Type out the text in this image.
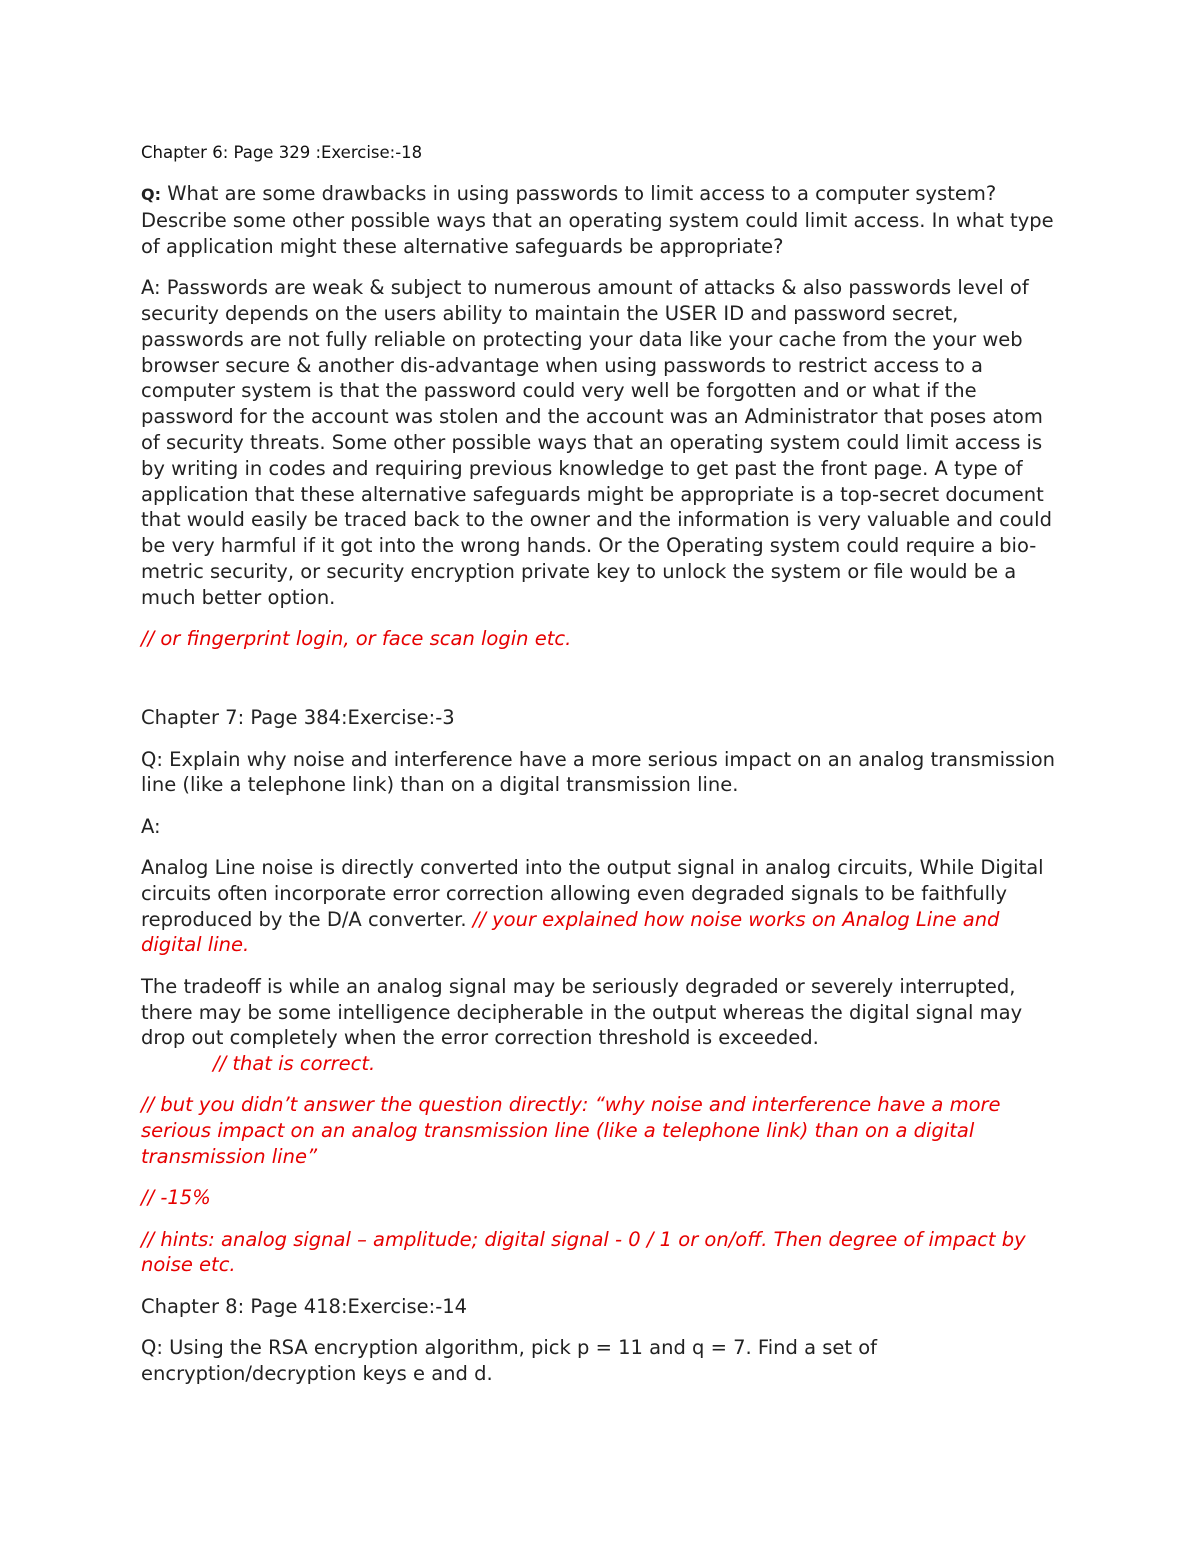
Chapter 6: Page 329 :Exercise:-18

Q: What are some drawbacks in using passwords to limit access to a computer system? Describe some other possible ways that an operating system could limit access. In what type of application might these alternative safeguards be appropriate?

A: Passwords are weak & subject to numerous amount of attacks & also passwords level of security depends on the users ability to maintain the USER ID and password secret, passwords are not fully reliable on protecting your data like your cache from the your web browser secure & another dis-advantage when using passwords to restrict access to a computer system is that the password could very well be forgotten and or what if the password for the account was stolen and the account was an Administrator that poses atom of security threats. Some other possible ways that an operating system could limit access is by writing in codes and requiring previous knowledge to get past the front page. A type of application that these alternative safeguards might be appropriate is a top-secret document that would easily be traced back to the owner and the information is very valuable and could be very harmful if it got into the wrong hands. Or the Operating system could require a bio-metric security, or security encryption private key to unlock the system or file would be a much better option.

// or fingerprint login, or face scan login etc.

Chapter 7: Page 384:Exercise:-3

Q: Explain why noise and interference have a more serious impact on an analog transmission line (like a telephone link) than on a digital transmission line.

A:

Analog Line noise is directly converted into the output signal in analog circuits, While Digital circuits often incorporate error correction allowing even degraded signals to be faithfully reproduced by the D/A converter. // your explained how noise works on Analog Line and digital line.

The tradeoff is while an analog signal may be seriously degraded or severely interrupted, there may be some intelligence decipherable in the output whereas the digital signal may drop out completely when the error correction threshold is exceeded.
// that is correct.

// but you didn’t answer the question directly: “why noise and interference have a more serious impact on an analog transmission line (like a telephone link) than on a digital transmission line”

// -15%

// hints: analog signal – amplitude; digital signal - 0 / 1 or on/off. Then degree of impact by noise etc.

Chapter 8: Page 418:Exercise:-14

Q: Using the RSA encryption algorithm, pick p = 11 and q = 7. Find a set of encryption/decryption keys e and d.
